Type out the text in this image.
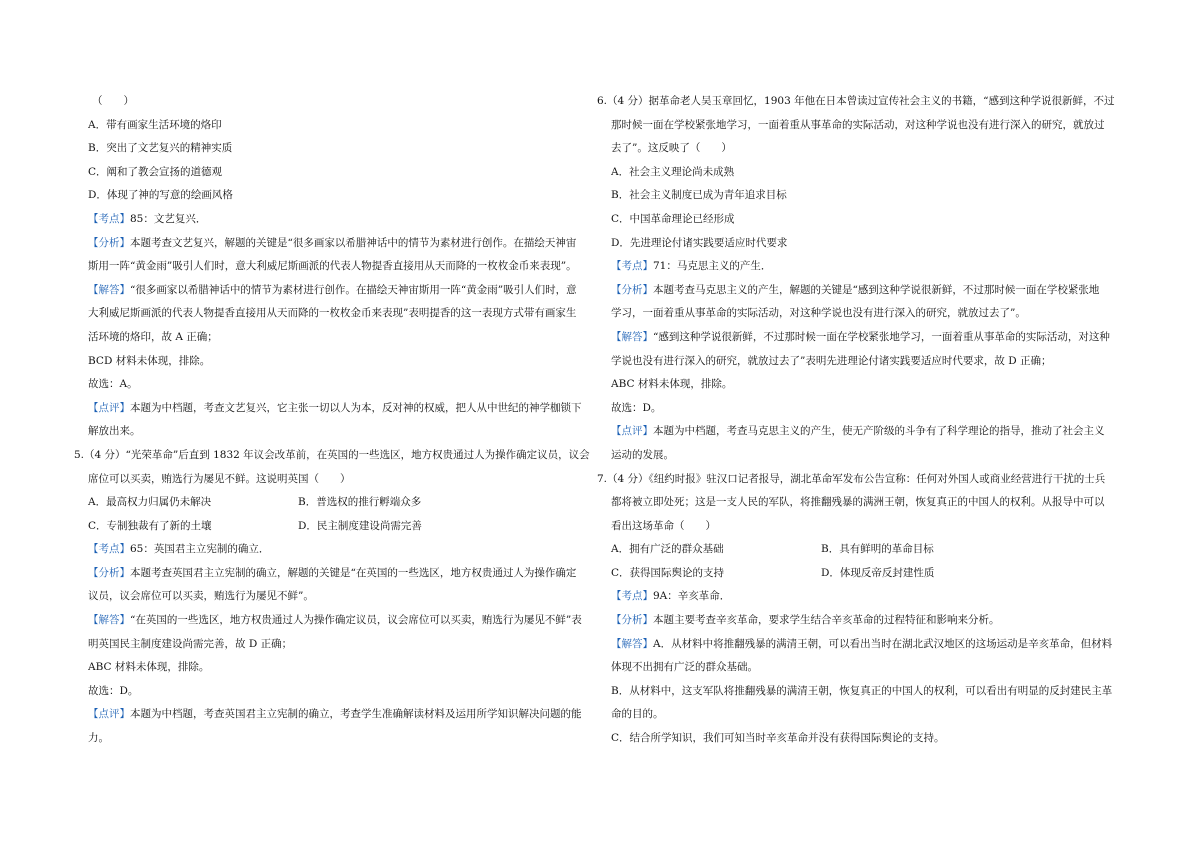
（　　）
A．带有画家生活环境的烙印
B．突出了文艺复兴的精神实质
C．阐和了教会宣扬的道德观
D．体现了神的写意的绘画风格
【考点】85：文艺复兴．
【分析】本题考查文艺复兴，解题的关键是“很多画家以希腊神话中的情节为素材进行创作。在描绘天神宙
斯用一阵“黄金雨”吸引人们时，意大利威尼斯画派的代表人物提香直接用从天而降的一枚枚金币来表现”。
【解答】“很多画家以希腊神话中的情节为素材进行创作。在描绘天神宙斯用一阵“黄金雨”吸引人们时，意
大利威尼斯画派的代表人物提香直接用从天而降的一枚枚金币来表现”表明提香的这一表现方式带有画家生
活环境的烙印，故 A 正确；
BCD 材料未体现，排除。
故选：A。
【点评】本题为中档题，考查文艺复兴，它主张一切以人为本，反对神的权威，把人从中世纪的神学枷锁下
解放出来。
5.（4 分）“光荣革命”后直到 1832 年议会改革前，在英国的一些选区，地方权贵通过人为操作确定议员，议会
席位可以买卖，贿选行为屡见不鲜。这说明英国（　　）
A．最高权力归属仍未解决	B．普选权的推行孵端众多
C．专制独裁有了新的土壤	D．民主制度建设尚需完善
【考点】65：英国君主立宪制的确立．
【分析】本题考查英国君主立宪制的确立，解题的关键是“在英国的一些选区，地方权贵通过人为操作确定
议员，议会席位可以买卖，贿选行为屡见不鲜”。
【解答】“在英国的一些选区，地方权贵通过人为操作确定议员，议会席位可以买卖，贿选行为屡见不鲜”表
明英国民主制度建设尚需完善，故 D 正确；
ABC 材料未体现，排除。
故选：D。
【点评】本题为中档题，考查英国君主立宪制的确立，考查学生准确解读材料及运用所学知识解决问题的能
力。
6.（4 分）据革命老人吴玉章回忆，1903 年他在日本曾读过宣传社会主义的书籍，“感到这种学说很新鲜，不过
那时候一面在学校紧张地学习，一面着重从事革命的实际活动，对这种学说也没有进行深入的研究，就放过
去了”。这反映了（　　）
A．社会主义理论尚未成熟
B．社会主义制度已成为青年追求目标
C．中国革命理论已经形成
D．先进理论付诸实践要适应时代要求
【考点】71：马克思主义的产生．
【分析】本题考查马克思主义的产生，解题的关键是“感到这种学说很新鲜，不过那时候一面在学校紧张地
学习，一面着重从事革命的实际活动，对这种学说也没有进行深入的研究，就放过去了”。
【解答】“感到这种学说很新鲜，不过那时候一面在学校紧张地学习，一面着重从事革命的实际活动，对这种
学说也没有进行深入的研究，就放过去了”表明先进理论付诸实践要适应时代要求，故 D 正确；
ABC 材料未体现，排除。
故选：D。
【点评】本题为中档题，考查马克思主义的产生，使无产阶级的斗争有了科学理论的指导，推动了社会主义
运动的发展。
7.（4 分）《纽约时报》驻汉口记者报导，湖北革命军发布公告宣称：任何对外国人或商业经营进行干扰的士兵
都将被立即处死；这是一支人民的军队，将推翻残暴的满洲王朝，恢复真正的中国人的权利。从报导中可以
看出这场革命（　　）
A．拥有广泛的群众基础	B．具有鲜明的革命目标
C．获得国际舆论的支持	D．体现反帝反封建性质
【考点】9A：辛亥革命．
【分析】本题主要考查辛亥革命，要求学生结合辛亥革命的过程特征和影响来分析。
【解答】A．从材料中将推翻残暴的满清王朝，可以看出当时在湖北武汉地区的这场运动是辛亥革命，但材料
体现不出拥有广泛的群众基础。
B．从材料中，这支军队将推翻残暴的满清王朝，恢复真正的中国人的权利，可以看出有明显的反封建民主革
命的目的。
C．结合所学知识，我们可知当时辛亥革命并没有获得国际舆论的支持。
